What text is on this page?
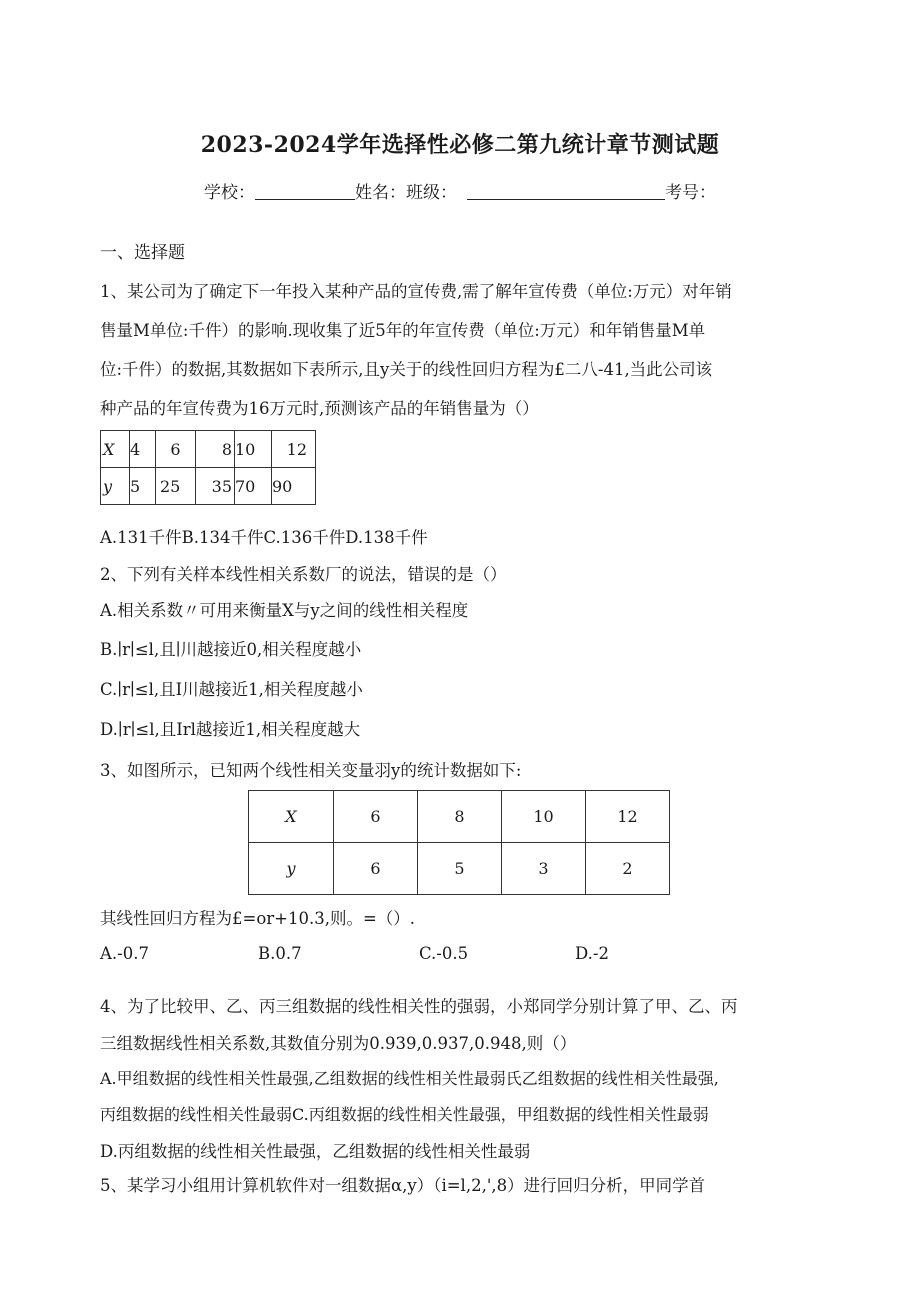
2023-2024学年选择性必修二第九统计章节测试题
学校：	姓名：班级：	考号：
一、选择题
1、某公司为了确定下一年投入某种产品的宣传费,需了解年宣传费（单位:万元）对年销
售量M单位:千件）的影响.现收集了近5年的年宣传费（单位:万元）和年销售量M单
位:千件）的数据,其数据如下表所示,且y关于的线性回归方程为£二八-41,当此公司该
种产品的年宣传费为16万元时,预测该产品的年销售量为（）
X	4	6	8	10	12
y	5	25	35	70	90
A.131千件B.134千件C.136千件D.138千件
2、下列有关样本线性相关系数厂的说法，错误的是（）
A.相关系数〃可用来衡量X与y之间的线性相关程度
B.∣r∣≤l,且∣川越接近0,相关程度越小
C.∣r∣≤l,且I川越接近1,相关程度越小
D.∣r∣≤l,且Irl越接近1,相关程度越大
3、如图所示，已知两个线性相关变量羽y的统计数据如下:
X	6	8	10	12
y	6	5	3	2
其线性回归方程为£=or+10.3,则。=（）.
A.-0.7	B.0.7	C.-0.5	D.-2
4、为了比较甲、乙、丙三组数据的线性相关性的强弱，小郑同学分别计算了甲、乙、丙
三组数据线性相关系数,其数值分别为0.939,0.937,0.948,则（）
A.甲组数据的线性相关性最强,乙组数据的线性相关性最弱氏乙组数据的线性相关性最强,
丙组数据的线性相关性最弱C.丙组数据的线性相关性最强，甲组数据的线性相关性最弱
D.丙组数据的线性相关性最强，乙组数据的线性相关性最弱
5、某学习小组用计算机软件对一组数据α,y）（i=l,2,',8）进行回归分析，甲同学首
